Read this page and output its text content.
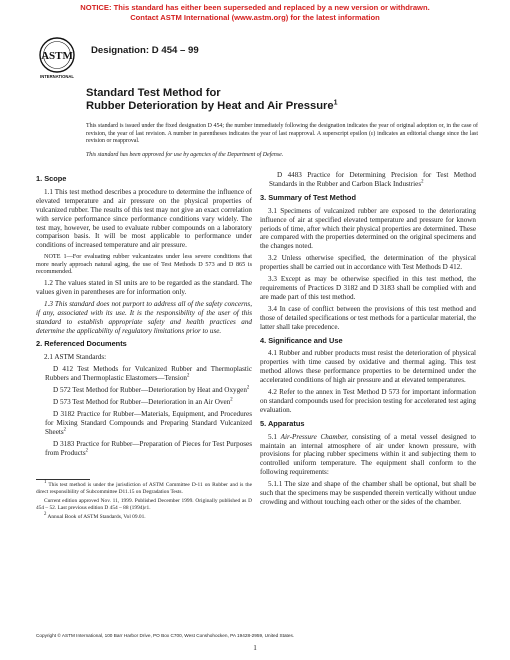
NOTICE: This standard has either been superseded and replaced by a new version or withdrawn.
Contact ASTM International (www.astm.org) for the latest information
ASTM
INTERNATIONAL
Designation: D 454 – 99
Standard Test Method for
Rubber Deterioration by Heat and Air Pressure$^1$
This standard is issued under the fixed designation D 454; the number immediately following the designation indicates the year of original adoption or, in the case of revision, the year of last revision. A number in parentheses indicates the year of last reapproval. A superscript epsilon (ε) indicates an editorial change since the last revision or reapproval.
This standard has been approved for use by agencies of the Department of Defense.
1. Scope

1.1 This test method describes a procedure to determine the influence of elevated temperature and air pressure on the physical properties of vulcanized rubber. The results of this test may not give an exact correlation with service performance since performance conditions vary widely. The test may, however, be used to evaluate rubber compounds on a laboratory comparison basis. It will be most applicable to performance under conditions of increased temperature and air pressure.

NOTE 1—For evaluating rubber vulcanizates under less severe conditions that more nearly approach natural aging, the use of Test Methods D 573 and D 865 is recommended.

1.2 The values stated in SI units are to be regarded as the standard. The values given in parentheses are for information only.

1.3 This standard does not purport to address all of the safety concerns, if any, associated with its use. It is the responsibility of the user of this standard to establish appropriate safety and health practices and determine the applicability of regulatory limitations prior to use.

2. Referenced Documents

2.1 ASTM Standards:

D 412 Test Methods for Vulcanized Rubber and Thermoplastic Rubbers and Thermoplastic Elastomers—Tension$^2$

D 572 Test Method for Rubber—Deterioration by Heat and Oxygen$^2$

D 573 Test Method for Rubber—Deterioration in an Air Oven$^2$

D 3182 Practice for Rubber—Materials, Equipment, and Procedures for Mixing Standard Compounds and Preparing Standard Vulcanized Sheets$^2$

D 3183 Practice for Rubber—Preparation of Pieces for Test Purposes from Products$^2$

$^1$ This test method is under the jurisdiction of ASTM Committee D-11 on Rubber and is the direct responsibility of Subcommittee D11.15 on Degradation Tests.

Current edition approved Nov. 11, 1999. Published December 1999. Originally published as D 454 – 52. Last previous edition D 454 – 88 (1994)ε1.

$^2$ Annual Book of ASTM Standards, Vol 09.01.

D 4483 Practice for Determining Precision for Test Method Standards in the Rubber and Carbon Black Industries$^2$

3. Summary of Test Method

3.1 Specimens of vulcanized rubber are exposed to the deteriorating influence of air at specified elevated temperature and pressure for known periods of time, after which their physical properties are determined. These are compared with the properties determined on the original specimens and the changes noted.

3.2 Unless otherwise specified, the determination of the physical properties shall be carried out in accordance with Test Methods D 412.

3.3 Except as may be otherwise specified in this test method, the requirements of Practices D 3182 and D 3183 shall be complied with and are made part of this test method.

3.4 In case of conflict between the provisions of this test method and those of detailed specifications or test methods for a particular material, the latter shall take precedence.

4. Significance and Use

4.1 Rubber and rubber products must resist the deterioration of physical properties with time caused by oxidative and thermal aging. This test method allows these performance properties to be determined under the accelerated conditions of high air pressure and at elevated temperatures.

4.2 Refer to the annex in Test Method D 573 for important information on standard compounds used for precision testing for accelerated test aging evaluation.

5. Apparatus

5.1 Air-Pressure Chamber, consisting of a metal vessel designed to maintain an internal atmosphere of air under known pressure, with provisions for placing rubber specimens within it and subjecting them to controlled uniform temperature. The equipment shall conform to the following requirements:

5.1.1 The size and shape of the chamber shall be optional, but shall be such that the specimens may be suspended therein vertically without undue crowding and without touching each other or the sides of the chamber.

Copyright © ASTM International, 100 Barr Harbor Drive, PO Box C700, West Conshohocken, PA 19428-2959, United States.
1
